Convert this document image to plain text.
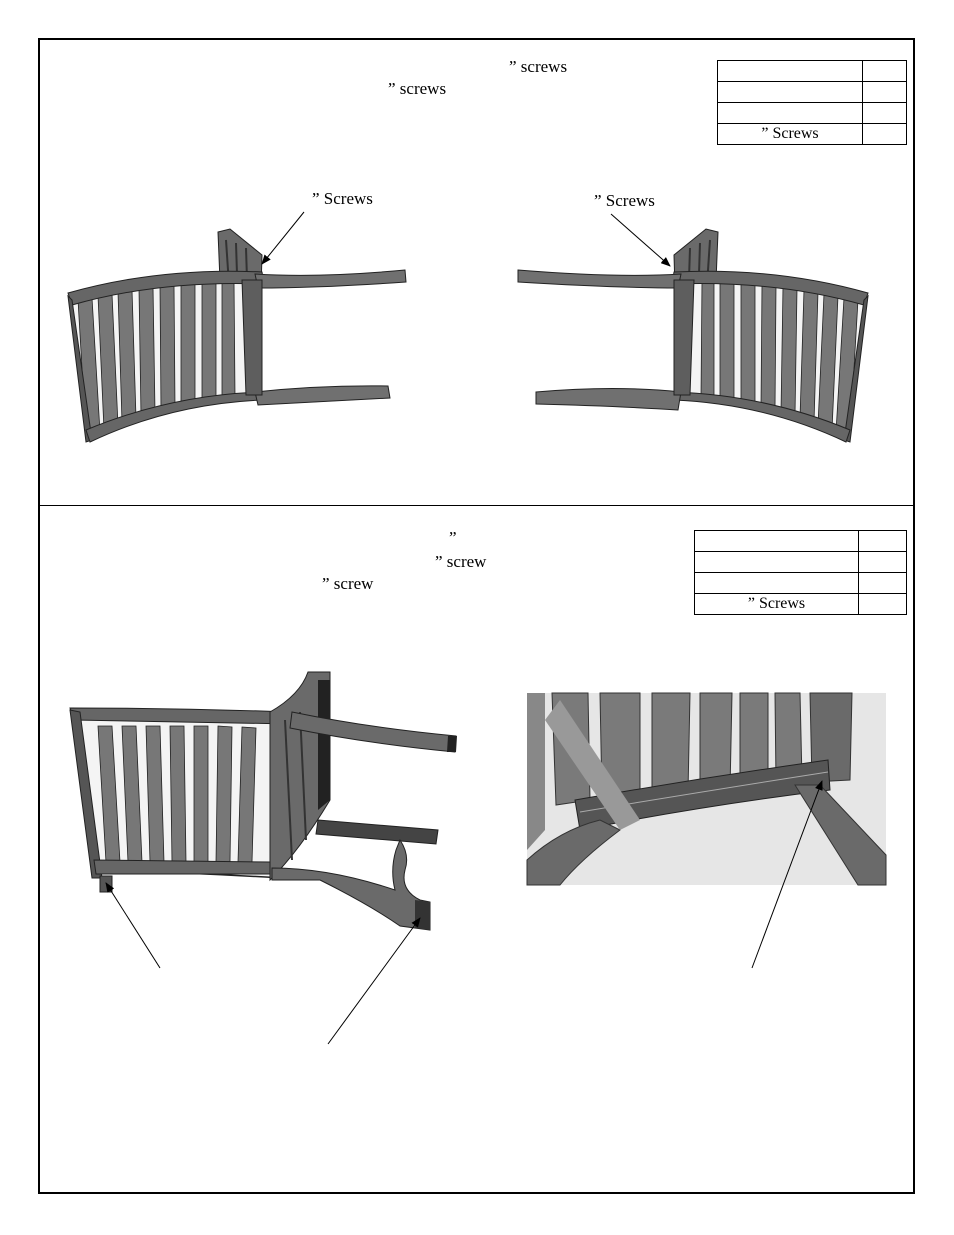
” screws
” screws

” Screws	
” Screws	” Screws
”
” screw
” screw

” Screws	
